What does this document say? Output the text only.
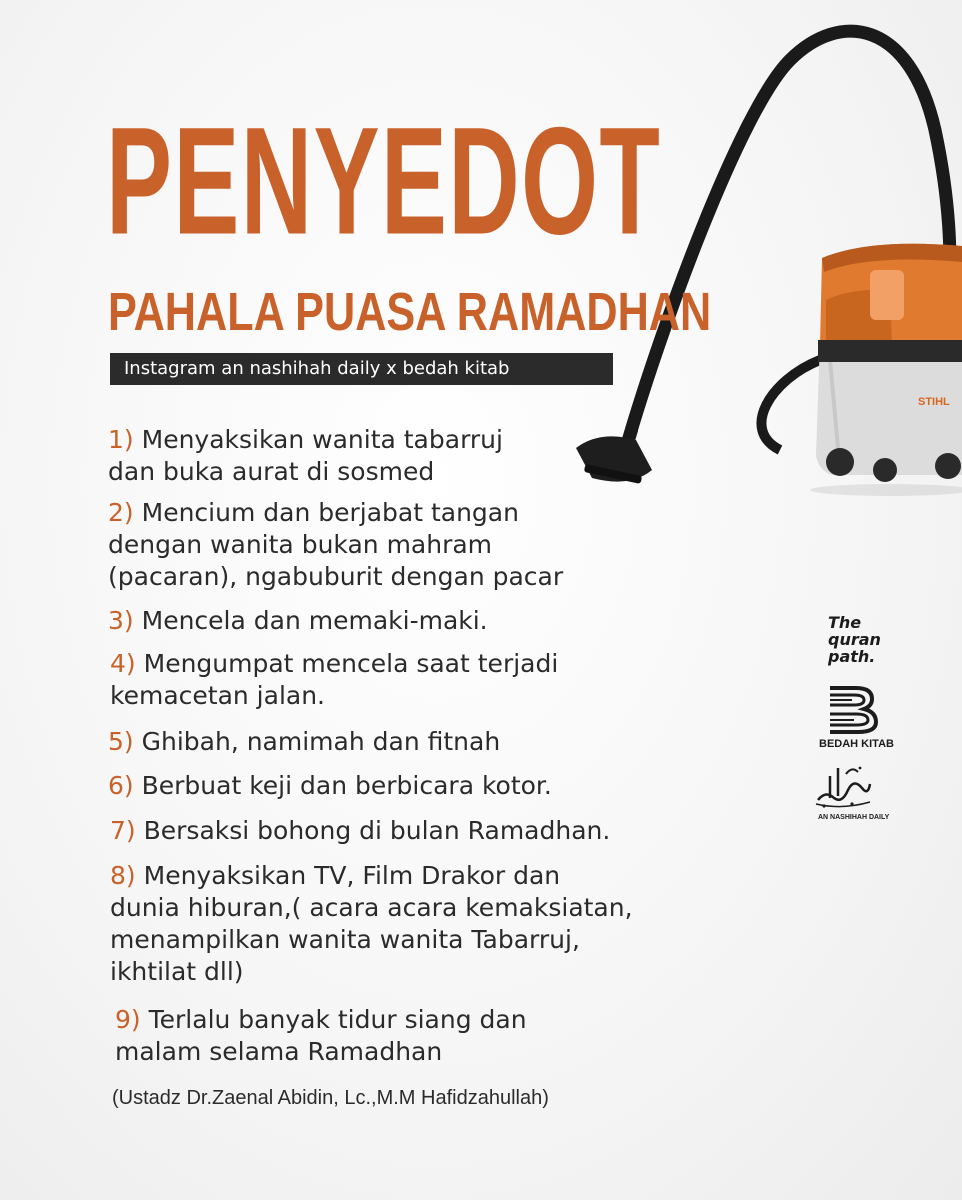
STIHL
PENYEDOT
PAHALA PUASA RAMADHAN
Instagram an nashihah daily x bedah kitab
1) Menyaksikan wanita tabarruj
dan buka aurat di sosmed
2) Mencium dan berjabat tangan
dengan wanita bukan mahram
(pacaran), ngabuburit dengan pacar
3) Mencela dan memaki-maki.
4) Mengumpat mencela saat terjadi
kemacetan jalan.
5) Ghibah, namimah dan fitnah
6) Berbuat keji dan berbicara kotor.
7) Bersaksi bohong di bulan Ramadhan.
8) Menyaksikan TV, Film Drakor dan
dunia hiburan,( acara acara kemaksiatan,
menampilkan wanita wanita Tabarruj,
ikhtilat dll)
9) Terlalu banyak tidur siang dan
malam selama Ramadhan
(Ustadz Dr.Zaenal Abidin, Lc.,M.M Hafidzahullah)
The
quran
path.
BEDAH KITAB
AN NASHIHAH DAILY
